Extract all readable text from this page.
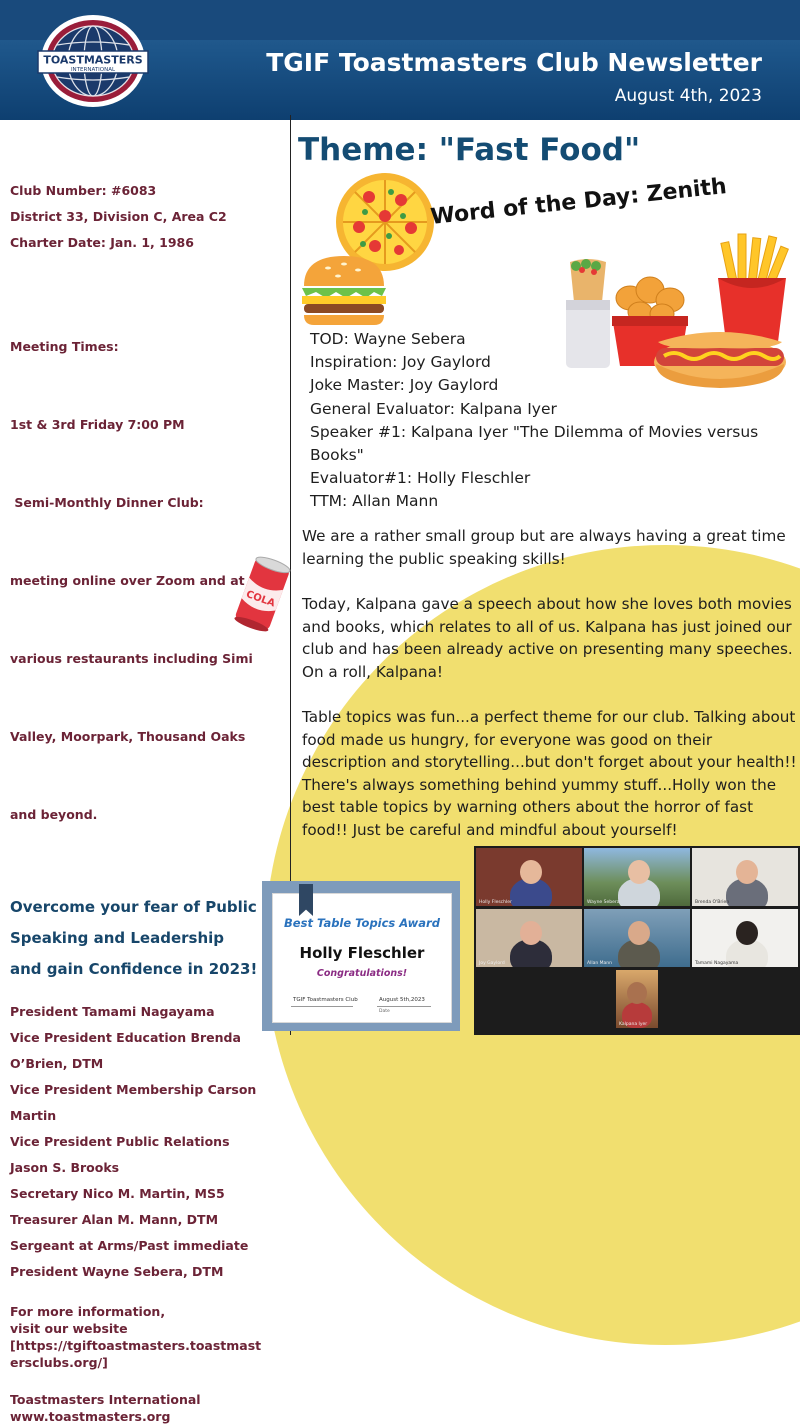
TOASTMASTERS
INTERNATIONAL	TGIF Toastmasters Club Newsletter
August 4th, 2023
Club Number: #6083
District 33, Division C, Area C2
Charter Date: Jan. 1, 1986

Meeting Times:

1st & 3rd Friday 7:00 PM

Semi-Monthly Dinner Club:

meeting online over Zoom and at

various restaurants including Simi

Valley, Moorpark, Thousand Oaks

and beyond.

Overcome your fear of Public
Speaking and Leadership
and gain Confidence in 2023!
President Tamami Nagayama
Vice President Education Brenda
O’Brien, DTM
Vice President Membership Carson
Martin
Vice President Public Relations
Jason S. Brooks
Secretary Nico M. Martin, MS5
Treasurer Alan M. Mann, DTM
Sergeant at Arms/Past immediate
President Wayne Sebera, DTM
For more information,
visit our website
[https://tgiftoastmasters.toastmast
ersclubs.org/]
Toastmasters International
www.toastmasters.org
COLA
Theme: "Fast Food"
Word of the Day: Zenith
TOD: Wayne Sebera
Inspiration: Joy Gaylord
Joke Master: Joy Gaylord
General Evaluator: Kalpana Iyer
Speaker #1: Kalpana Iyer "The Dilemma of Movies versus Books"
Evaluator#1: Holly Fleschler
TTM: Allan Mann

We are a rather small group but are always having a great time learning the public speaking skills!

Today, Kalpana gave a speech about how she loves both movies and books, which relates to all of us. Kalpana has just joined our club and has been already active on presenting many speeches. On a roll, Kalpana!

Table topics was fun...a perfect theme for our club. Talking about food made us hungry, for everyone was good on their description and storytelling...but don't forget about your health!! There's always something behind yummy stuff...Holly won the best table topics by warning others about the horror of fast food!! Just be careful and mindful about yourself!

Best Table Topics Award
Holly Fleschler
Congratulations!
TGIF Toastmasters Club	August 5th,2023
Date
Holly Fleschler	Wayne Sebera	Brenda O'Brien
Joy Gaylord	Allan Mann	Tamami Nagayama
Kalpana Iyer
